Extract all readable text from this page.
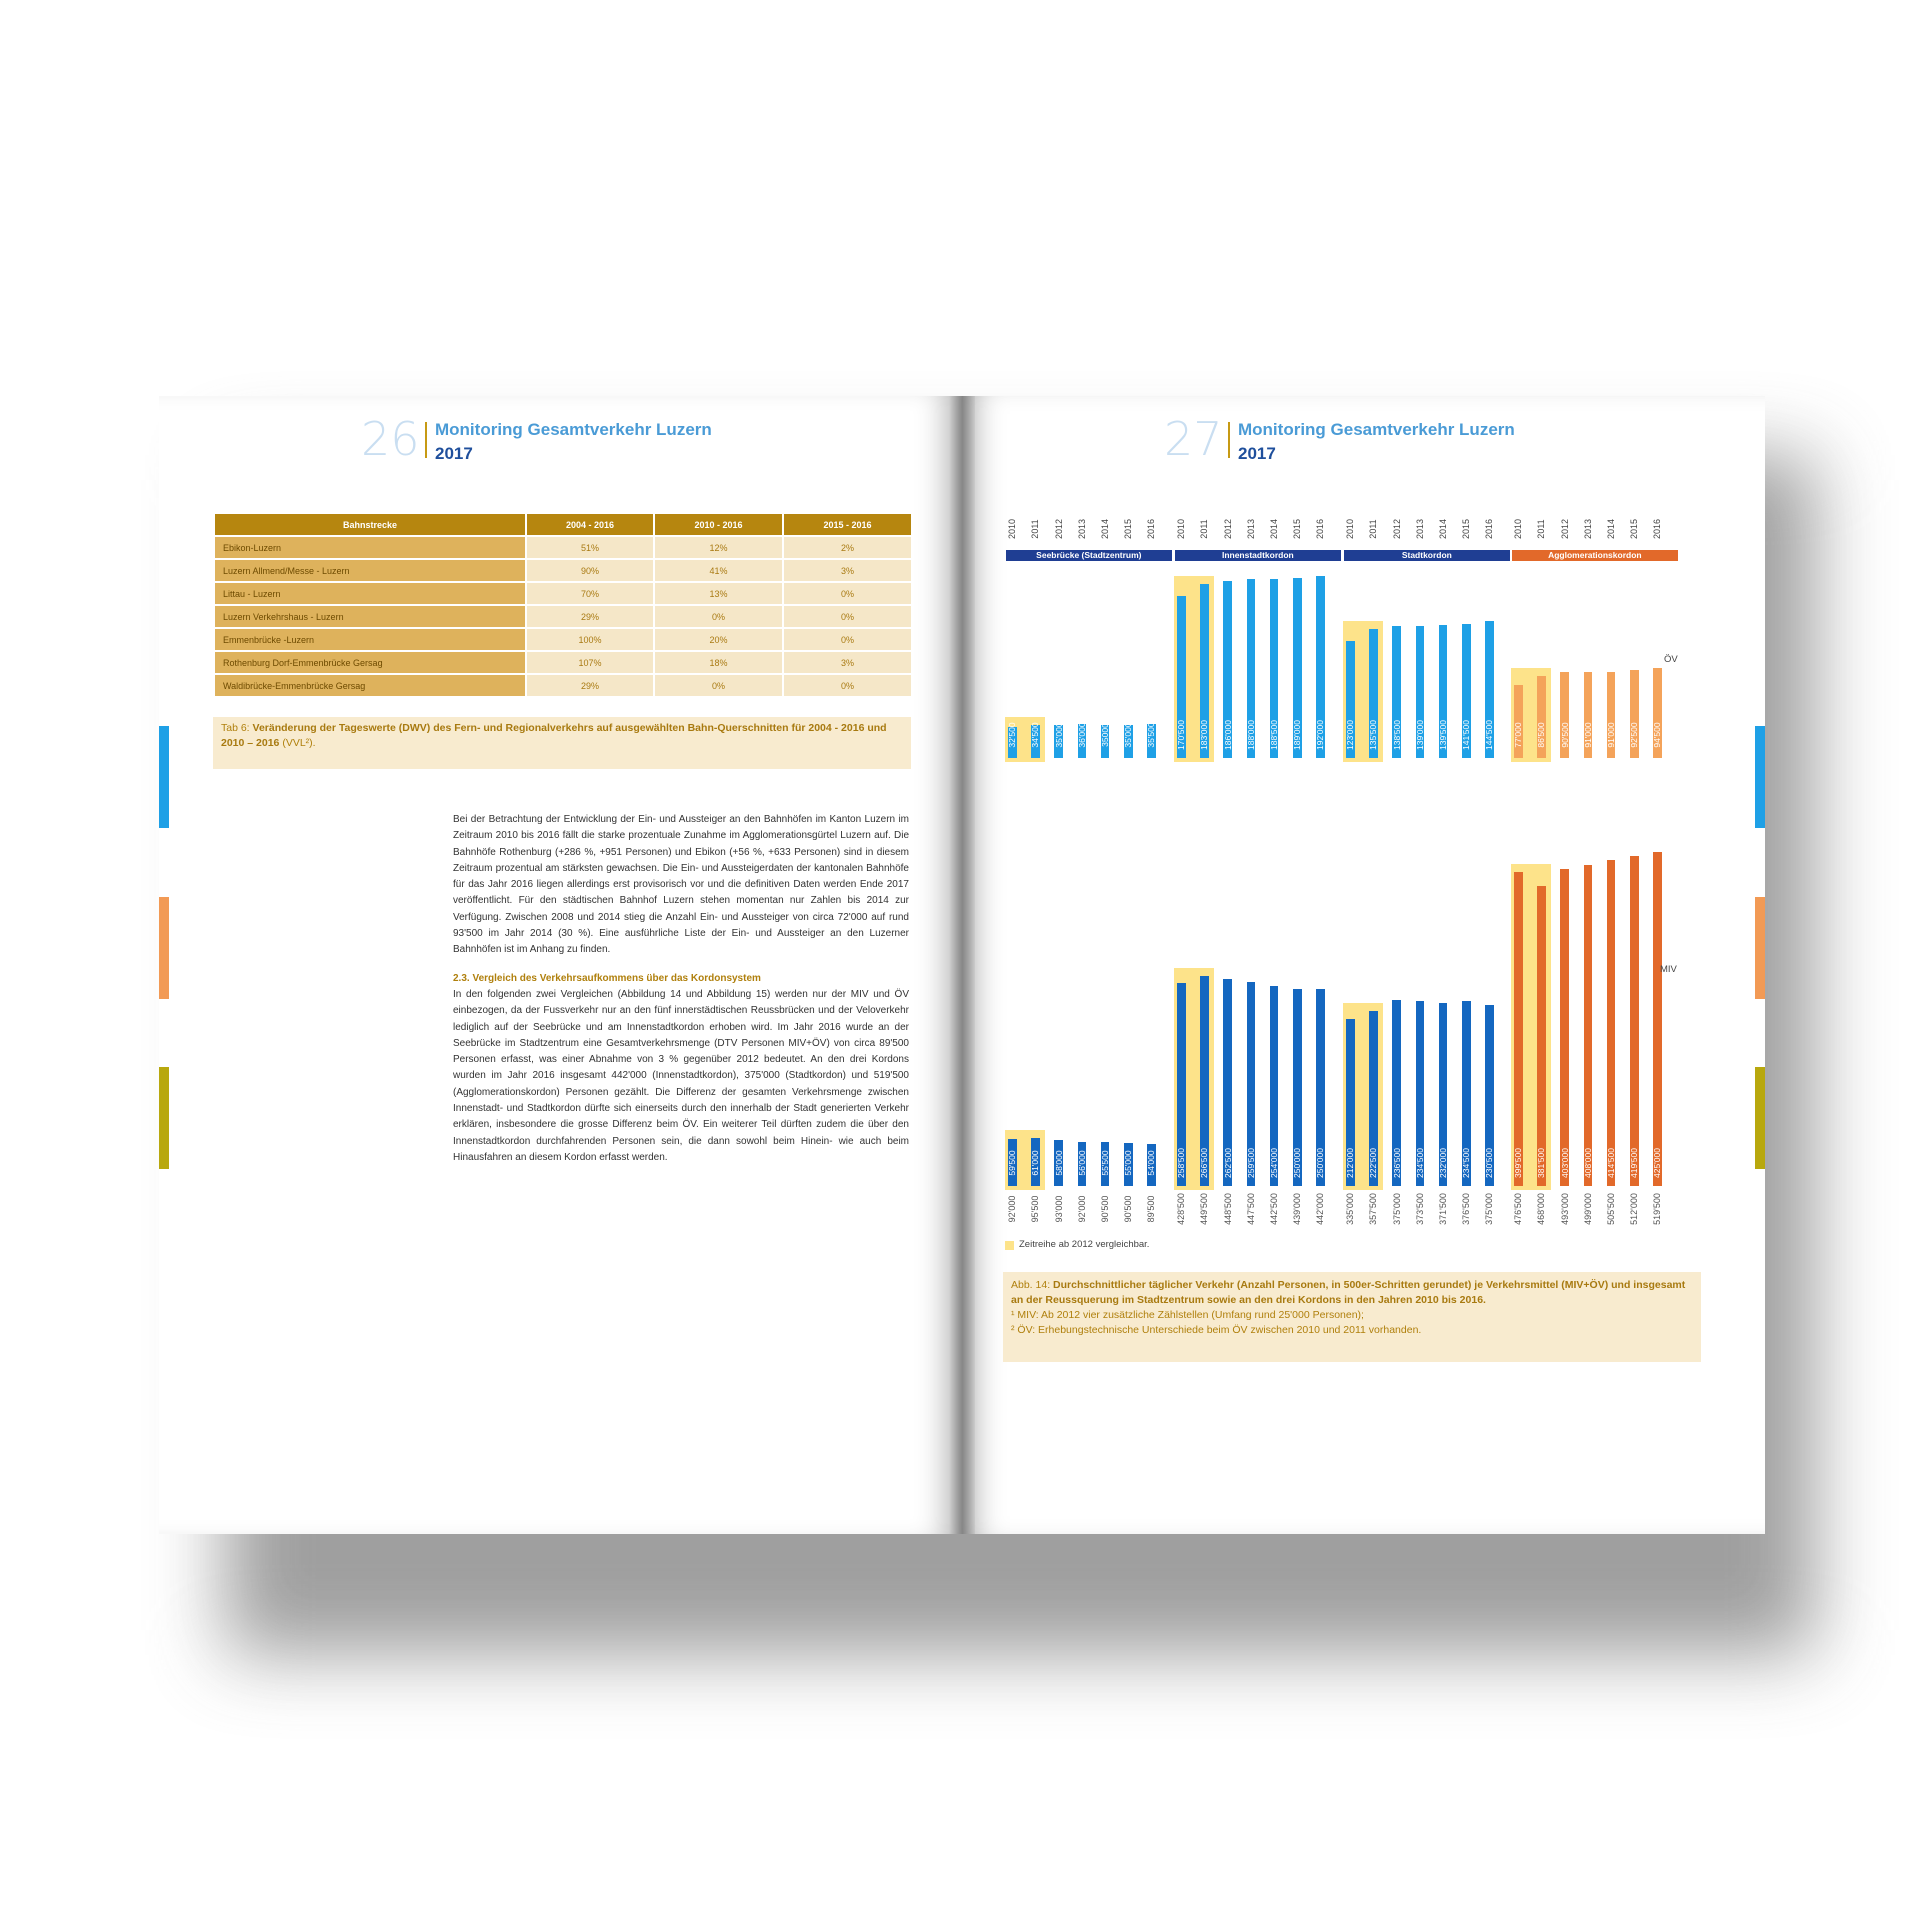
26 Monitoring Gesamtverkehr Luzern
2017
Bahnstrecke	2004 - 2016	2010 - 2016	2015 - 2016
Ebikon-Luzern	51%	12%	2%
Luzern Allmend/Messe - Luzern	90%	41%	3%
Littau - Luzern	70%	13%	0%
Luzern Verkehrshaus - Luzern	29%	0%	0%
Emmenbrücke -Luzern	100%	20%	0%
Rothenburg Dorf-Emmenbrücke Gersag	107%	18%	3%
Waldibrücke-Emmenbrücke Gersag	29%	0%	0%
Tab 6: Veränderung der Tageswerte (DWV) des Fern- und Regionalverkehrs auf ausgewählten Bahn-Querschnitten für 2004 - 2016 und 2010 – 2016 (VVL²).
Bei der Betrachtung der Entwicklung der Ein- und Aussteiger an den Bahnhöfen im Kanton Luzern im Zeitraum 2010 bis 2016 fällt die starke prozentuale Zunahme im Agglomerationsgürtel Luzern auf. Die Bahnhöfe Rothenburg (+286 %, +951 Personen) und Ebikon (+56 %, +633 Personen) sind in diesem Zeitraum prozentual am stärksten gewachsen. Die Ein- und Aussteigerdaten der kantonalen Bahnhöfe für das Jahr 2016 liegen allerdings erst provisorisch vor und die definitiven Daten werden Ende 2017 veröffentlicht. Für den städtischen Bahnhof Luzern stehen momentan nur Zahlen bis 2014 zur Verfügung. Zwischen 2008 und 2014 stieg die Anzahl Ein- und Aussteiger von circa 72'000 auf rund 93'500 im Jahr 2014 (30 %). Eine ausführliche Liste der Ein- und Aussteiger an den Luzerner Bahnhöfen ist im Anhang zu finden.
2.3. Vergleich des Verkehrsaufkommens über das Kordonsystem
In den folgenden zwei Vergleichen (Abbildung 14 und Abbildung 15) werden nur der MIV und ÖV einbezogen, da der Fussverkehr nur an den fünf innerstädtischen Reussbrücken und der Veloverkehr lediglich auf der Seebrücke und am Innenstadtkordon erhoben wird. Im Jahr 2016 wurde an der Seebrücke im Stadtzentrum eine Gesamtverkehrsmenge (DTV Personen MIV+ÖV) von circa 89'500 Personen erfasst, was einer Abnahme von 3 % gegenüber 2012 bedeutet. An den drei Kordons wurden im Jahr 2016 insgesamt 442'000 (Innenstadtkordon), 375'000 (Stadtkordon) und 519'500 (Agglomerationskordon) Personen gezählt. Die Differenz der gesamten Verkehrsmenge zwischen Innenstadt- und Stadtkordon dürfte sich einerseits durch den innerhalb der Stadt generierten Verkehr erklären, insbesondere die grosse Differenz beim ÖV. Ein weiterer Teil dürften zudem die über den Innenstadtkordon durchfahrenden Personen sein, die dann sowohl beim Hinein- wie auch beim Hinausfahren an diesem Kordon erfasst werden.
27 Monitoring Gesamtverkehr Luzern
2017
Seebrücke (Stadtzentrum)
2010
32'500
59'500
92'000
2011
34'500
61'000
95'500
2012
35'000
58'000
93'000
2013
36'000
56'000
92'000
2014
35000
55'500
90'500
2015
35'000
55'000
90'500
2016
35'500
54'000
89'500
Innenstadtkordon
2010
170'500
258'500
428'500
2011
183'000
266'500
449'500
2012
186'000
262'500
448'500
2013
188'000
259'500
447'500
2014
188'500
254'000
442'500
2015
189'000
250'000
439'000
2016
192'000
250'000
442'000
Stadtkordon
2010
123'000
212'000
335'000
2011
135'500
222'500
357'500
2012
138'500
236'500
375'000
2013
139'000
234'500
373'500
2014
139'500
232'000
371'500
2015
141'500
234'500
376'500
2016
144'500
230'500
375'000
Agglomerationskordon
2010
77'000
399'500
476'500
2011
86'500
381'500
468'000
2012
90'500
403'000
493'000
2013
91'000
408'000
499'000
2014
91'000
414'500
505'500
2015
92'500
419'500
512'000
2016
94'500
425'000
519'500
ÖV
MIV
Zeitreihe ab 2012 vergleichbar.
Abb. 14: Durchschnittlicher täglicher Verkehr (Anzahl Personen, in 500er-Schritten gerundet) je Verkehrsmittel (MIV+ÖV) und insgesamt an der Reussquerung im Stadtzentrum sowie an den drei Kordons in den Jahren 2010 bis 2016.
¹ MIV: Ab 2012 vier zusätzliche Zählstellen (Umfang rund 25'000 Personen);
² ÖV: Erhebungstechnische Unterschiede beim ÖV zwischen 2010 und 2011 vorhanden.
